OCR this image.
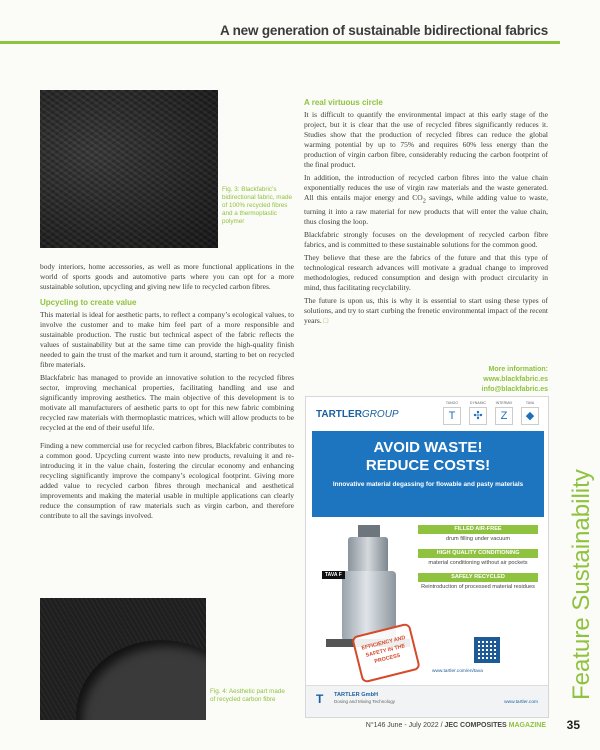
A new generation of sustainable bidirectional fabrics
Fig. 3: Blackfabric’s bidirectional fabric, made of 100% recycled fibres and a thermoplastic polymer
body interiors, home accessories, as well as more functional applications in the world of sports goods and automotive parts where you can opt for a more sustainable solution, upcycling and giving new life to recycled carbon fibres.
Upcycling to create value
This material is ideal for aesthetic parts, to reflect a company’s ecological values, to involve the customer and to make him feel part of a more responsible and sustainable production. The rustic but technical aspect of the fabric reflects the values of sustainability but at the same time can provide the high-quality finish needed to gain the trust of the market and turn it around, starting to bet on recycled fibre materials.
Blackfabric has managed to provide an innovative solution to the recycled fibres sector, improving mechanical properties, facilitating handling and use and significantly improving aesthetics. The main objective of this development is to motivate all manufacturers of aesthetic parts to opt for this new fabric combining recycled raw materials with thermoplastic matrices, which will allow products to be recycled at the end of their useful life.
Finding a new commercial use for recycled carbon fibres, Blackfabric contributes to a common good. Upcycling current waste into new products, revaluing it and re-introducing it in the value chain, fostering the circular economy and enhancing recycling significantly improve the company’s ecological footprint. Giving more added value to recycled carbon fibres through mechanical and aesthetical improvements and making the material usable in multiple applications can clearly reduce the consumption of raw materials such as virgin carbon, and therefore contribute to all the savings involved.
Fig. 4: Aesthetic part made of recycled carbon fibre
A real virtuous circle
It is difficult to quantify the environmental impact at this early stage of the project, but it is clear that the use of recycled fibres significantly reduces it. Studies show that the production of recycled fibres can reduce the global warming potential by up to 75% and requires 60% less energy than the production of virgin carbon fibre, considerably reducing the carbon footprint of the final product.
In addition, the introduction of recycled carbon fibres into the value chain exponentially reduces the use of virgin raw materials and the waste generated. All this entails major energy and $CO_2$ savings, while adding value to waste, turning it into a raw material for new products that will enter the value chain, thus closing the loop.
Blackfabric strongly focuses on the development of recycled carbon fibre fabrics, and is committed to these sustainable solutions for the common good.
They believe that these are the fabrics of the future and that this type of technological research advances will motivate a gradual change to improved methodologies, reduced consumption and design with product circularity in mind, thus facilitating recyclability.
The future is upon us, this is why it is essential to start using these types of solutions, and try to start curbing the frenetic environmental impact of the recent years. □
More information:
www.blackfabric.es
info@blackfabric.es
TARTLERGROUP
TANGO
T
DYNAMIC
✣
INTERMIX
Z
TAVA
◆
AVOID WASTE!
REDUCE COSTS!
Innovative material degassing for flowable and pasty materials
TAVA F
FILLED AIR-FREE
drum filling under vacuum
HIGH QUALITY CONDITIONING
material conditioning without air pockets
SAFELY RECYCLED
Reintroduction of processed material residues
EFFICIENCY AND SAFETY IN THE PROCESS
www.tartler.com/en/tava
T	TARTLER GmbH
Dosing and Mixing Technology	www.tartler.com
Feature Sustainability
N°146 June - July 2022 / JEC COMPOSITES MAGAZINE 35
